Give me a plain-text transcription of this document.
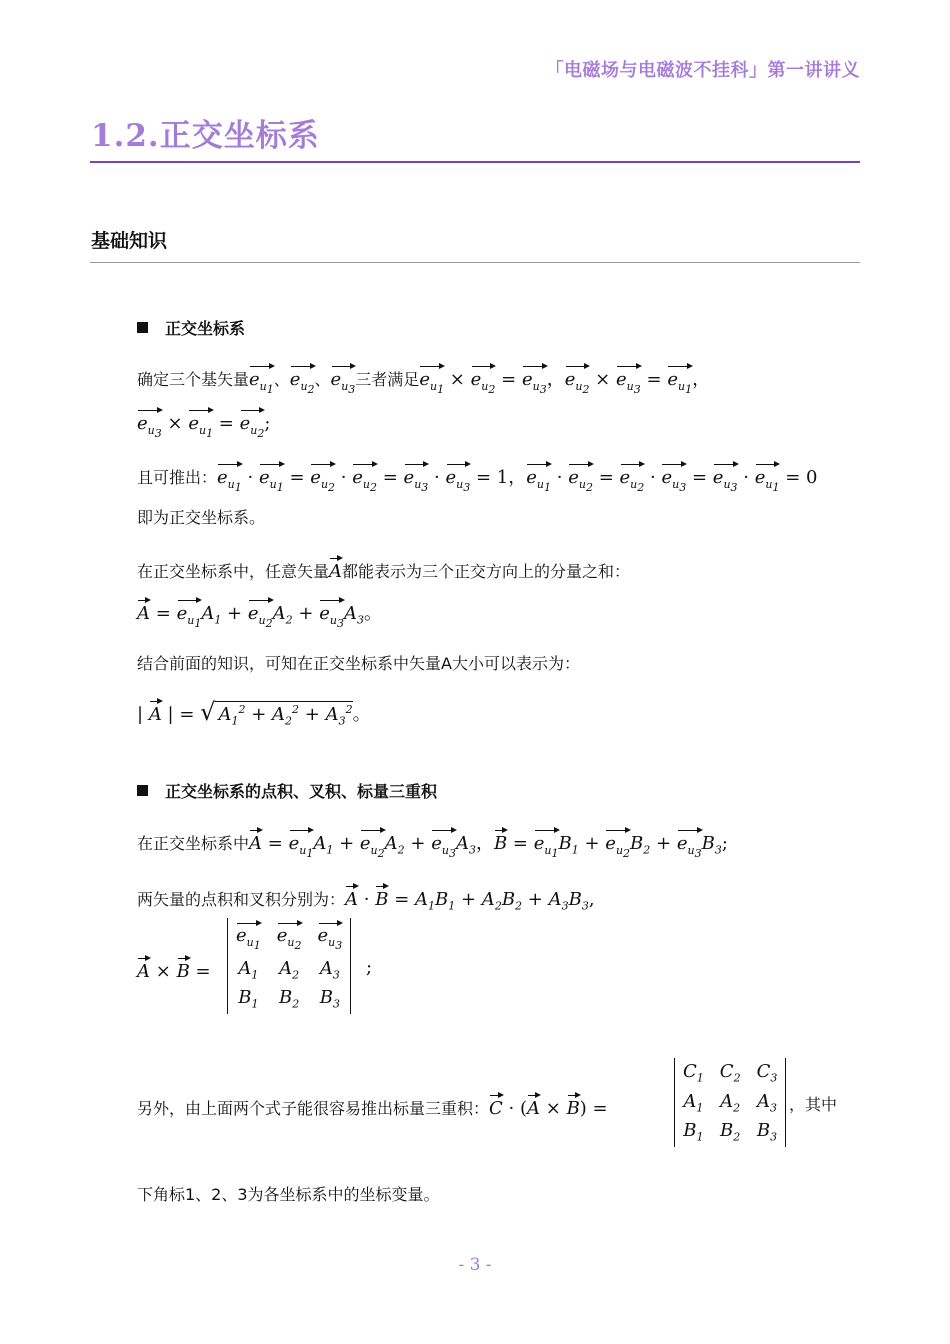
「电磁场与电磁波不挂科」第一讲讲义
1.2.正交坐标系
基础知识
正交坐标系
确定三个基矢量$e_{u_1}$、$e_{u_2}$、$e_{u_3}$三者满足$e_{u_1} \times e_{u_2} = e_{u_3}$，$e_{u_2} \times e_{u_3} = e_{u_1}$，
$e_{u_3} \times e_{u_1} = e_{u_2}$;
且可推出：$e_{u_1} \cdot e_{u_1} = e_{u_2} \cdot e_{u_2} = e_{u_3} \cdot e_{u_3} = 1$，$e_{u_1} \cdot e_{u_2} = e_{u_2} \cdot e_{u_3} = e_{u_3} \cdot e_{u_1} = 0$
即为正交坐标系。
在正交坐标系中，任意矢量A都能表示为三个正交方向上的分量之和：
$A = e_{u_1}A_1 + e_{u_2}A_2 + e_{u_3}A_3$。
结合前面的知识，可知在正交坐标系中矢量A大小可以表示为：
| A | = √ $A_1^2 + A_2^2 + A_3^2$。
正交坐标系的点积、叉积、标量三重积
在正交坐标系中$A = e_{u_1}A_1 + e_{u_2}A_2 + e_{u_3}A_3$，$B = e_{u_1}B_1 + e_{u_2}B_2 + e_{u_3}B_3$;
两矢量的点积和叉积分别为：$A \cdot B = A_1B_1 + A_2B_2 + A_3B_3$,
A × B =
$e_{u_1}$	$e_{u_2}$	$e_{u_3}$
$A_1$	$A_2$	$A_3$
$B_1$	$B_2$	$B_3$
;
另外，由上面两个式子能很容易推出标量三重积：C · (A × B) =
$C_1$	$C_2$	$C_3$
$A_1$	$A_2$	$A_3$
$B_1$	$B_2$	$B_3$
，其中
下角标1、2、3为各坐标系中的坐标变量。
- 3 -
